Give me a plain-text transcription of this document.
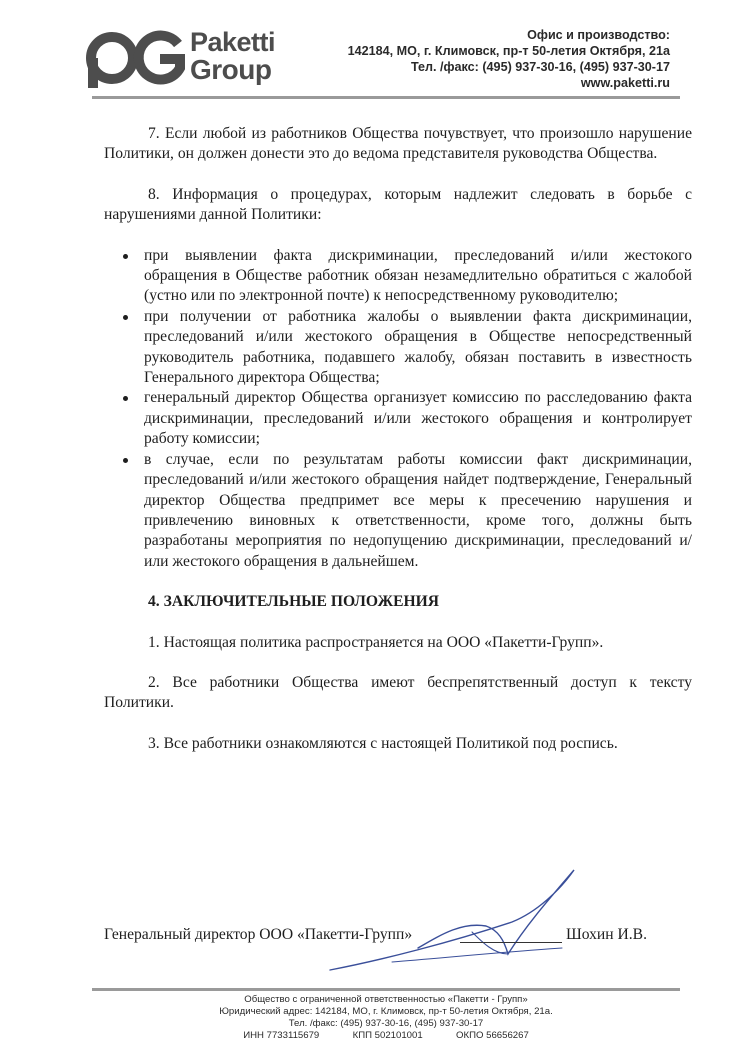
Paketti
Group
Офис и производство:
142184, МО, г. Климовск, пр-т 50-летия Октября, 21а
Тел. /факс: (495) 937-30-16, (495) 937-30-17
www.paketti.ru

7. Если любой из работников Общества почувствует, что произошло нарушение Политики, он должен донести это до ведома представителя руководства Общества.

8. Информация о процедурах, которым надлежит следовать в борьбе с нарушениями данной Политики:

при выявлении факта дискриминации, преследований и/или жестокого обращения в Обществе работник обязан незамедлительно обратиться с жалобой (устно или по электронной почте) к непосредственному руководителю;
при получении от работника жалобы о выявлении факта дискриминации, преследований и/или жестокого обращения в Обществе непосредственный руководитель работника, подавшего жалобу, обязан поставить в известность Генерального директора Общества;
генеральный директор Общества организует комиссию по расследованию факта дискриминации, преследований и/или жестокого обращения и контролирует работу комиссии;
в случае, если по результатам работы комиссии факт дискриминации, преследований и/или жестокого обращения найдет подтверждение, Генеральный директор Общества предпримет все меры к пресечению нарушения и привлечению виновных к ответственности, кроме того, должны быть разработаны мероприятия по недопущению дискриминации, преследований и/или жестокого обращения в дальнейшем.

4. ЗАКЛЮЧИТЕЛЬНЫЕ ПОЛОЖЕНИЯ

1. Настоящая политика распространяется на ООО «Пакетти-Групп».

2. Все работники Общества имеют беспрепятственный доступ к тексту Политики.

3. Все работники ознакомляются с настоящей Политикой под роспись.

Генеральный директор ООО «Пакетти-Групп»	Шохин И.В.
Общество с ограниченной ответственностью «Пакетти - Групп»
Юридический адрес: 142184, МО, г. Климовск, пр-т 50-летия Октября, 21а.
Тел. /факс: (495) 937-30-16, (495) 937-30-17
ИНН 7733115679	КПП 502101001	ОКПО 56656267
